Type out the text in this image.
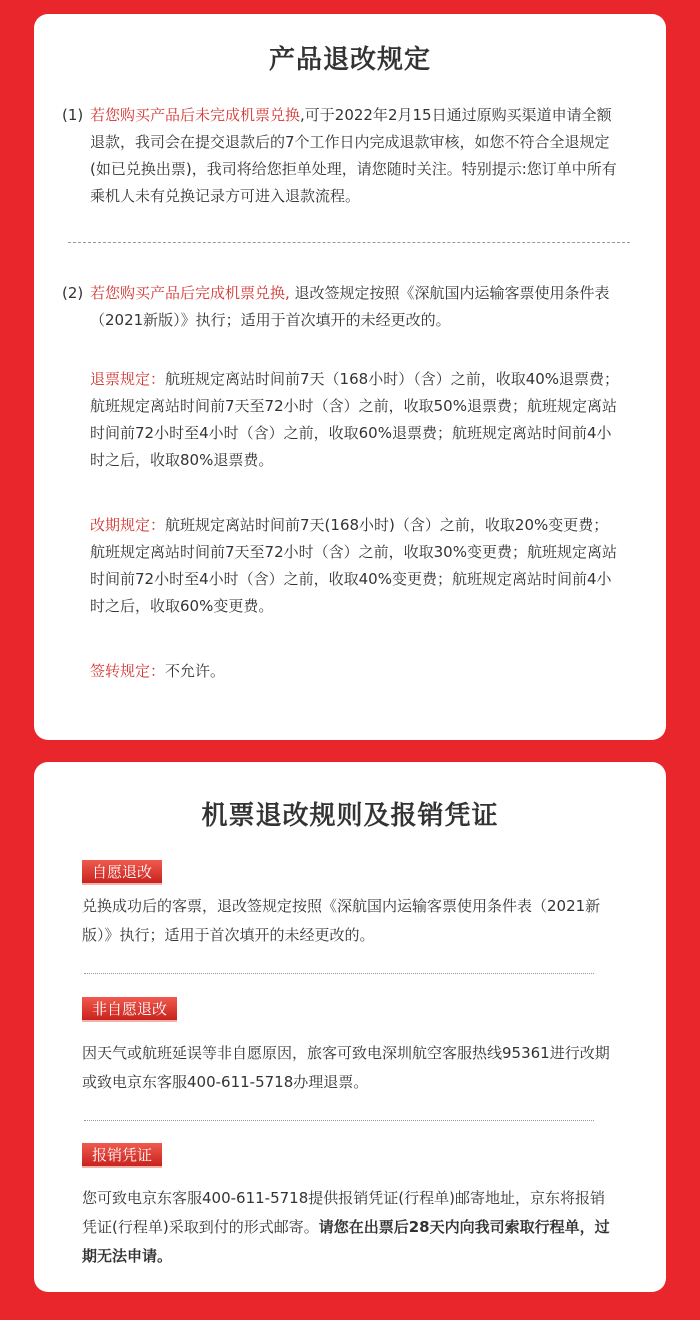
产品退改规定
(1) 若您购买产品后未完成机票兑换,可于2022年2月15日通过原购买渠道申请全额退款，我司会在提交退款后的7个工作日内完成退款审核，如您不符合全退规定(如已兑换出票)，我司将给您拒单处理，请您随时关注。特别提示:您订单中所有乘机人未有兑换记录方可进入退款流程。
(2) 若您购买产品后完成机票兑换, 退改签规定按照《深航国内运输客票使用条件表（2021新版）》执行；适用于首次填开的未经更改的。
退票规定：航班规定离站时间前7天（168小时）（含）之前，收取40%退票费；航班规定离站时间前7天至72小时（含）之前，收取50%退票费；航班规定离站时间前72小时至4小时（含）之前，收取60%退票费；航班规定离站时间前4小时之后，收取80%退票费。
改期规定：航班规定离站时间前7天(168小时)（含）之前，收取20%变更费；航班规定离站时间前7天至72小时（含）之前，收取30%变更费；航班规定离站时间前72小时至4小时（含）之前，收取40%变更费；航班规定离站时间前4小时之后，收取60%变更费。
签转规定：不允许。
机票退改规则及报销凭证
自愿退改
兑换成功后的客票，退改签规定按照《深航国内运输客票使用条件表（2021新版）》执行；适用于首次填开的未经更改的。
非自愿退改
因天气或航班延误等非自愿原因，旅客可致电深圳航空客服热线95361进行改期或致电京东客服400-611-5718办理退票。
报销凭证
您可致电京东客服400-611-5718提供报销凭证(行程单)邮寄地址，京东将报销凭证(行程单)采取到付的形式邮寄。请您在出票后28天内向我司索取行程单，过期无法申请。
